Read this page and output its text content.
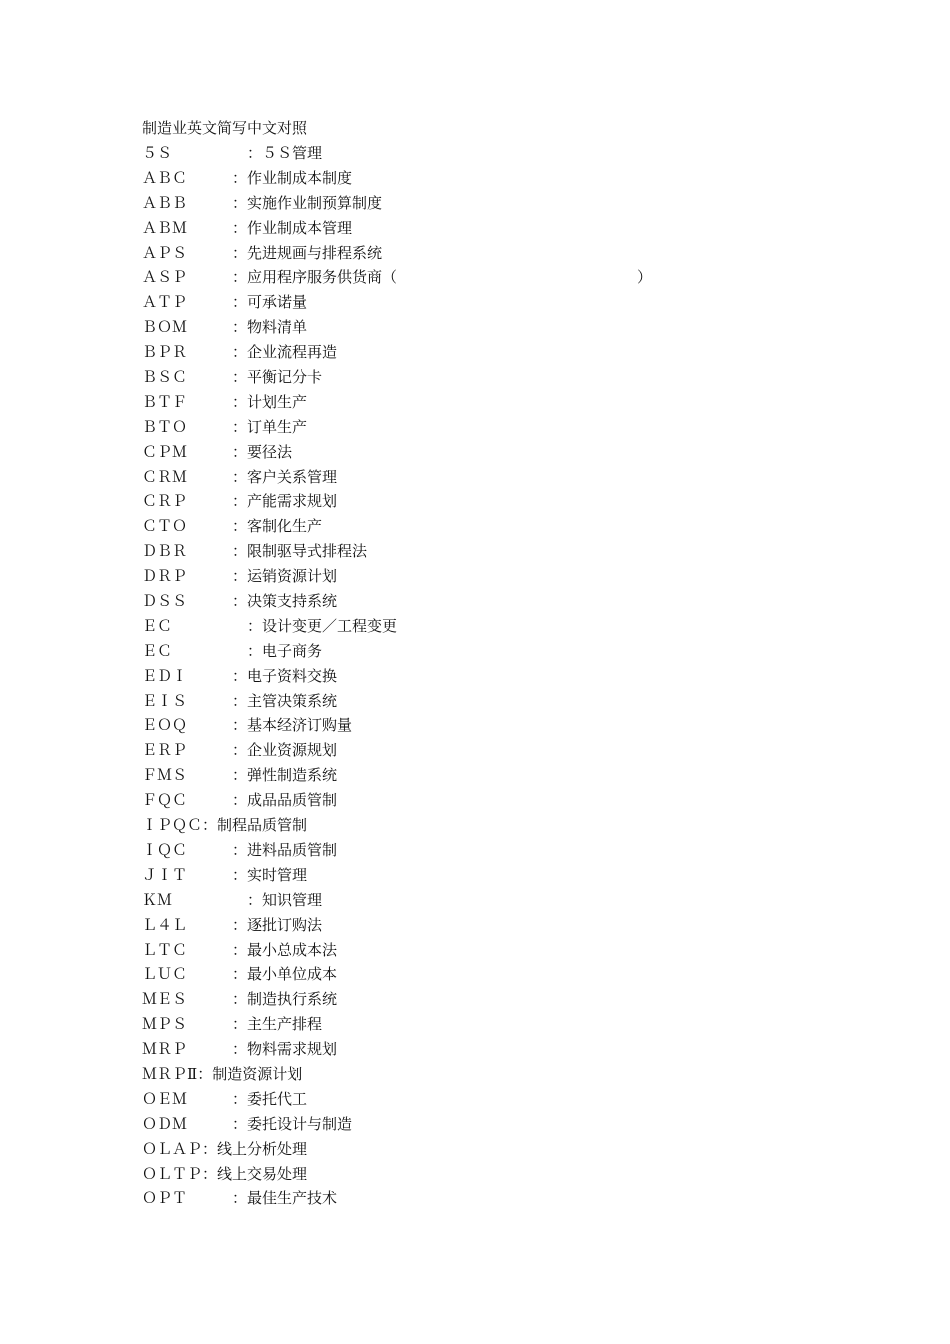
制造业英文简写中文对照
５Ｓ　　　　　：５Ｓ管理
ＡＢＣ　　　：作业制成本制度
ＡＢＢ　　　：实施作业制预算制度
ＡＢＭ　　　：作业制成本管理
ＡＰＳ　　　：先进规画与排程系统
ＡＳＰ　　　：应用程序服务供货商（　　　　　　　　　　　　　　　　）
ＡＴＰ　　　：可承诺量
ＢＯＭ　　　：物料清单
ＢＰＲ　　　：企业流程再造
ＢＳＣ　　　：平衡记分卡
ＢＴＦ　　　：计划生产
ＢＴＯ　　　：订单生产
ＣＰＭ　　　：要径法
ＣＲＭ　　　：客户关系管理
ＣＲＰ　　　：产能需求规划
ＣＴＯ　　　：客制化生产
ＤＢＲ　　　：限制驱导式排程法
ＤＲＰ　　　：运销资源计划
ＤＳＳ　　　：决策支持系统
ＥＣ　　　　　：设计变更／工程变更
ＥＣ　　　　　：电子商务
ＥＤＩ　　　：电子资料交换
ＥＩＳ　　　：主管决策系统
ＥＯＱ　　　：基本经济订购量
ＥＲＰ　　　：企业资源规划
ＦＭＳ　　　：弹性制造系统
ＦＱＣ　　　：成品品质管制
ＩＰＱＣ：制程品质管制
ＩＱＣ　　　：进料品质管制
ＪＩＴ　　　：实时管理
ＫＭ　　　　　：知识管理
Ｌ４Ｌ　　　：逐批订购法
ＬＴＣ　　　：最小总成本法
ＬＵＣ　　　：最小单位成本
ＭＥＳ　　　：制造执行系统
ＭＰＳ　　　：主生产排程
ＭＲＰ　　　：物料需求规划
ＭＲＰⅡ：制造资源计划
ＯＥＭ　　　：委托代工
ＯＤＭ　　　：委托设计与制造
ＯＬＡＰ：线上分析处理
ＯＬＴＰ：线上交易处理
ＯＰＴ　　　：最佳生产技术
